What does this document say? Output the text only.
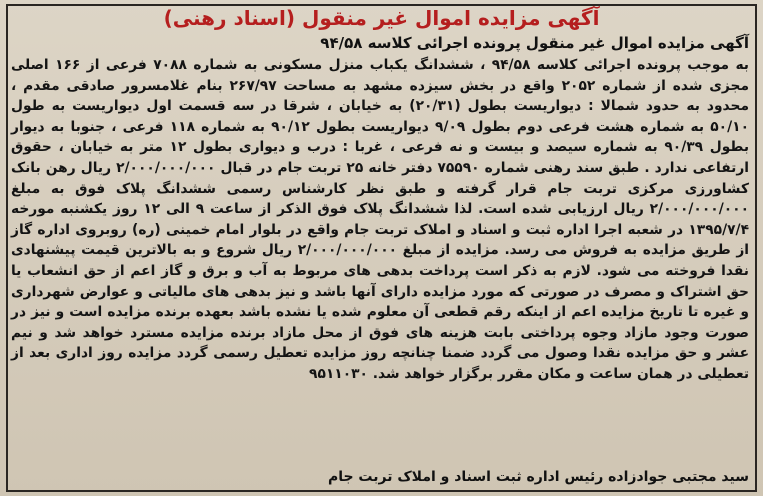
آگهی مزایده اموال غیر منقول (اسناد رهنی)
آگهی مزایده اموال غیر منقول پرونده اجرائی کلاسه ۹۴/۵۸
به موجب پرونده اجرائی کلاسه ۹۴/۵۸ ، ششدانگ یکباب منزل مسکونی به شماره ۷۰۸۸ فرعی از ۱۶۶ اصلی مجزی شده از شماره ۲۰۵۲ واقع در بخش سیزده مشهد به مساحت ۲۶۷/۹۷ بنام غلامسرور صادقی مقدم ، محدود به حدود شمالا : دیواریست بطول (۲۰/۳۱) به خیابان ، شرقا در سه قسمت اول دیواریست به طول ۵۰/۱۰ به شماره هشت فرعی دوم بطول ۹/۰۹ دیواریست بطول ۹۰/۱۲ به شماره ۱۱۸ فرعی ، جنوبا به دیوار بطول ۹۰/۳۹ به شماره سیصد و بیست و نه فرعی ، غربا : درب و دیواری بطول ۱۲ متر به خیابان ، حقوق ارتفاعی ندارد . طبق سند رهنی شماره ۷۵۵۹۰ دفتر خانه ۲۵ تربت جام در قبال ۲/۰۰۰/۰۰۰/۰۰۰ ریال رهن بانک کشاورزی مرکزی تربت جام قرار گرفته و طبق نظر کارشناس رسمی ششدانگ پلاک فوق به مبلغ ۲/۰۰۰/۰۰۰/۰۰۰ ریال ارزیابی شده است. لذا ششدانگ پلاک فوق الذکر از ساعت ۹ الی ۱۲ روز یکشنبه مورخه ۱۳۹۵/۷/۴ در شعبه اجرا اداره ثبت و اسناد و املاک تربت جام واقع در بلوار امام خمینی (ره) روبروی اداره گاز از طریق مزایده به فروش می رسد. مزایده از مبلغ ۲/۰۰۰/۰۰۰/۰۰۰ ریال شروع و به بالاترین قیمت پیشنهادی نقدا فروخته می شود. لازم به ذکر است پرداخت بدهی های مربوط به آب و برق و گاز اعم از حق انشعاب یا حق اشتراک و مصرف در صورتی که مورد مزایده دارای آنها باشد و نیز بدهی های مالیاتی و عوارض شهرداری و غیره تا تاریخ مزایده اعم از اینکه رقم قطعی آن معلوم شده یا نشده باشد بعهده برنده مزایده است و نیز در صورت وجود مازاد وجوه پرداختی بابت هزینه های فوق از محل مازاد برنده مزایده مسترد خواهد شد و نیم عشر و حق مزایده نقدا وصول می گردد ضمنا چنانچه روز مزایده تعطیل رسمی گردد مزایده روز اداری بعد از تعطیلی در همان ساعت و مکان مقرر برگزار خواهد شد. ۹۵۱۱۰۳۰
سید مجتبی جوادزاده رئیس اداره ثبت اسناد و املاک تربت جام
